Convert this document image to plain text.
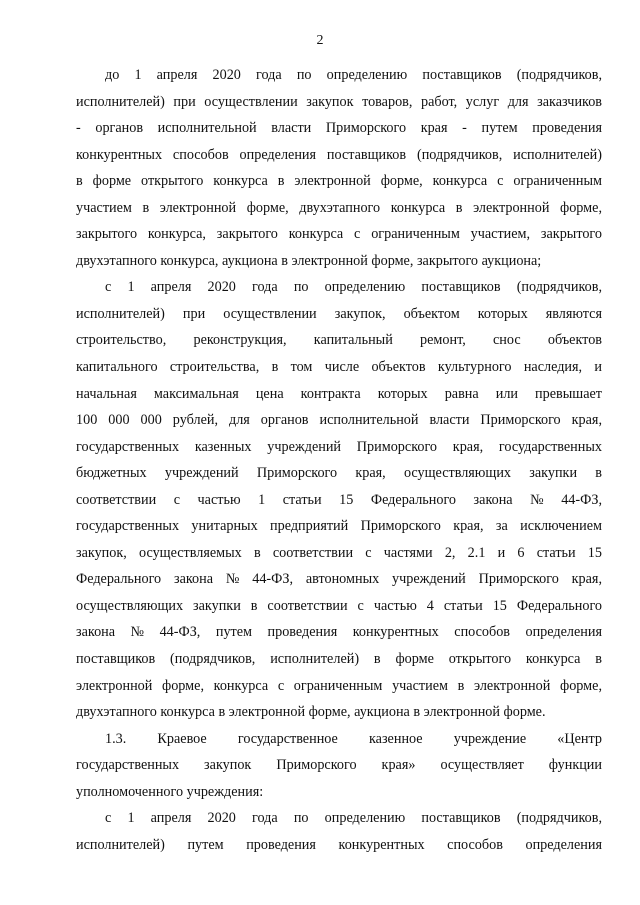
2
до 1 апреля 2020 года по определению поставщиков (подрядчиков,
исполнителей) при осуществлении закупок товаров, работ, услуг для заказчиков
- органов исполнительной власти Приморского края - путем проведения
конкурентных способов определения поставщиков (подрядчиков, исполнителей)
в форме открытого конкурса в электронной форме, конкурса с ограниченным
участием в электронной форме, двухэтапного конкурса в электронной форме,
закрытого конкурса, закрытого конкурса с ограниченным участием, закрытого
двухэтапного конкурса, аукциона в электронной форме, закрытого аукциона;
с 1 апреля 2020 года по определению поставщиков (подрядчиков,
исполнителей) при осуществлении закупок, объектом которых являются
строительство, реконструкция, капитальный ремонт, снос объектов
капитального строительства, в том числе объектов культурного наследия, и
начальная максимальная цена контракта которых равна или превышает
100 000 000 рублей, для органов исполнительной власти Приморского края,
государственных казенных учреждений Приморского края, государственных
бюджетных учреждений Приморского края, осуществляющих закупки в
соответствии с частью 1 статьи 15 Федерального закона № 44-ФЗ,
государственных унитарных предприятий Приморского края, за исключением
закупок, осуществляемых в соответствии с частями 2, 2.1 и 6 статьи 15
Федерального закона № 44-ФЗ, автономных учреждений Приморского края,
осуществляющих закупки в соответствии с частью 4 статьи 15 Федерального
закона № 44-ФЗ, путем проведения конкурентных способов определения
поставщиков (подрядчиков, исполнителей) в форме открытого конкурса в
электронной форме, конкурса с ограниченным участием в электронной форме,
двухэтапного конкурса в электронной форме, аукциона в электронной форме.
1.3. Краевое государственное казенное учреждение «Центр
государственных закупок Приморского края» осуществляет функции
уполномоченного учреждения:
с 1 апреля 2020 года по определению поставщиков (подрядчиков,
исполнителей) путем проведения конкурентных способов определения
